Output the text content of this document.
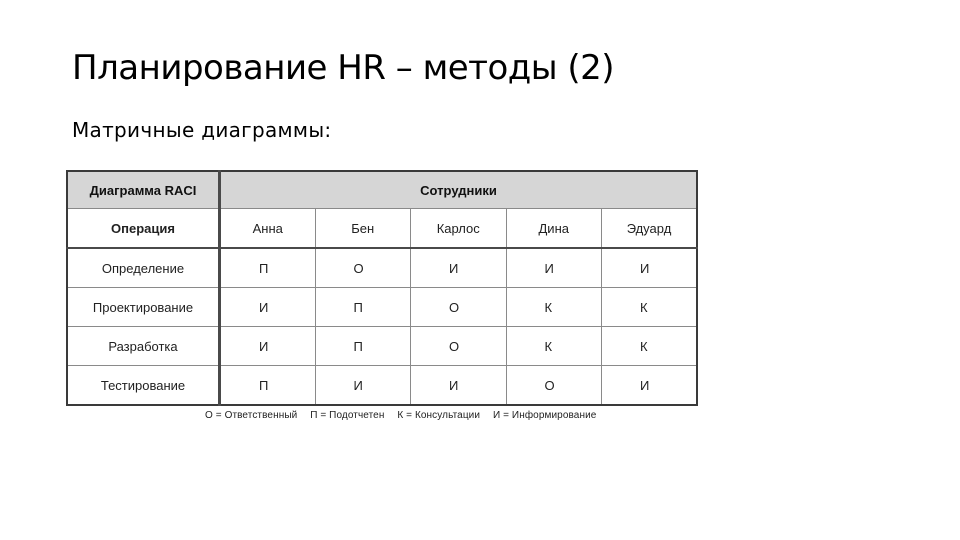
Планирование HR – методы (2)
Матричные диаграммы:
Диаграмма RACI	Сотрудники				
Операция	Анна	Бен	Карлос	Дина	Эдуард
Определение	П	О	И	И	И
Проектирование	И	П	О	К	К
Разработка	И	П	О	К	К
Тестирование	П	И	И	О	И
О = Ответственный П = Подотчетен К = Консультации И = Информирование
